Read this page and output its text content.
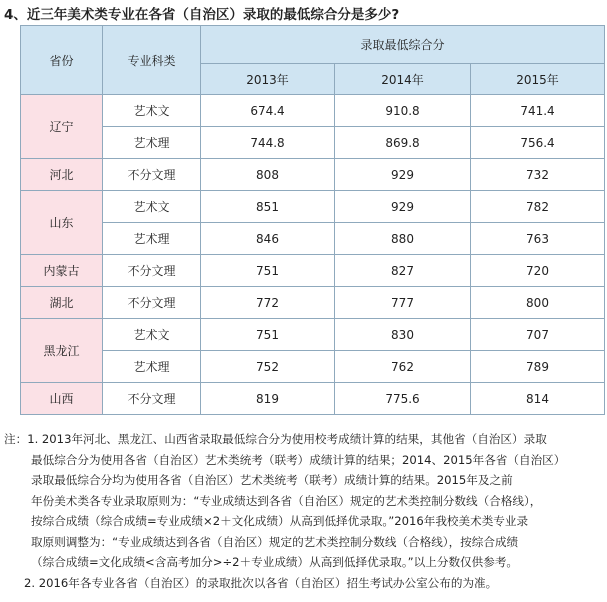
4、近三年美术类专业在各省（自治区）录取的最低综合分是多少?
省份	专业科类	录取最低综合分		
		2013年	2014年	2015年
辽宁	艺术文	674.4	910.8	741.4
	艺术理	744.8	869.8	756.4
河北	不分文理	808	929	732
山东	艺术文	851	929	782
	艺术理	846	880	763
内蒙古	不分文理	751	827	720
湖北	不分文理	772	777	800
黑龙江	艺术文	751	830	707
	艺术理	752	762	789
山西	不分文理	819	775.6	814
注：1. 2013年河北、黑龙江、山西省录取最低综合分为使用校考成绩计算的结果，其他省（自治区）录取
最低综合分为使用各省（自治区）艺术类统考（联考）成绩计算的结果；2014、2015年各省（自治区）
录取最低综合分均为使用各省（自治区）艺术类统考（联考）成绩计算的结果。2015年及之前
年份美术类各专业录取原则为：“专业成绩达到各省（自治区）规定的艺术类控制分数线（合格线），
按综合成绩（综合成绩=专业成绩×2＋文化成绩）从高到低择优录取。”2016年我校美术类专业录
取原则调整为：“专业成绩达到各省（自治区）规定的艺术类控制分数线（合格线），按综合成绩
（综合成绩=文化成绩<含高考加分>÷2＋专业成绩）从高到低择优录取。”以上分数仅供参考。
2. 2016年各专业各省（自治区）的录取批次以各省（自治区）招生考试办公室公布的为准。
